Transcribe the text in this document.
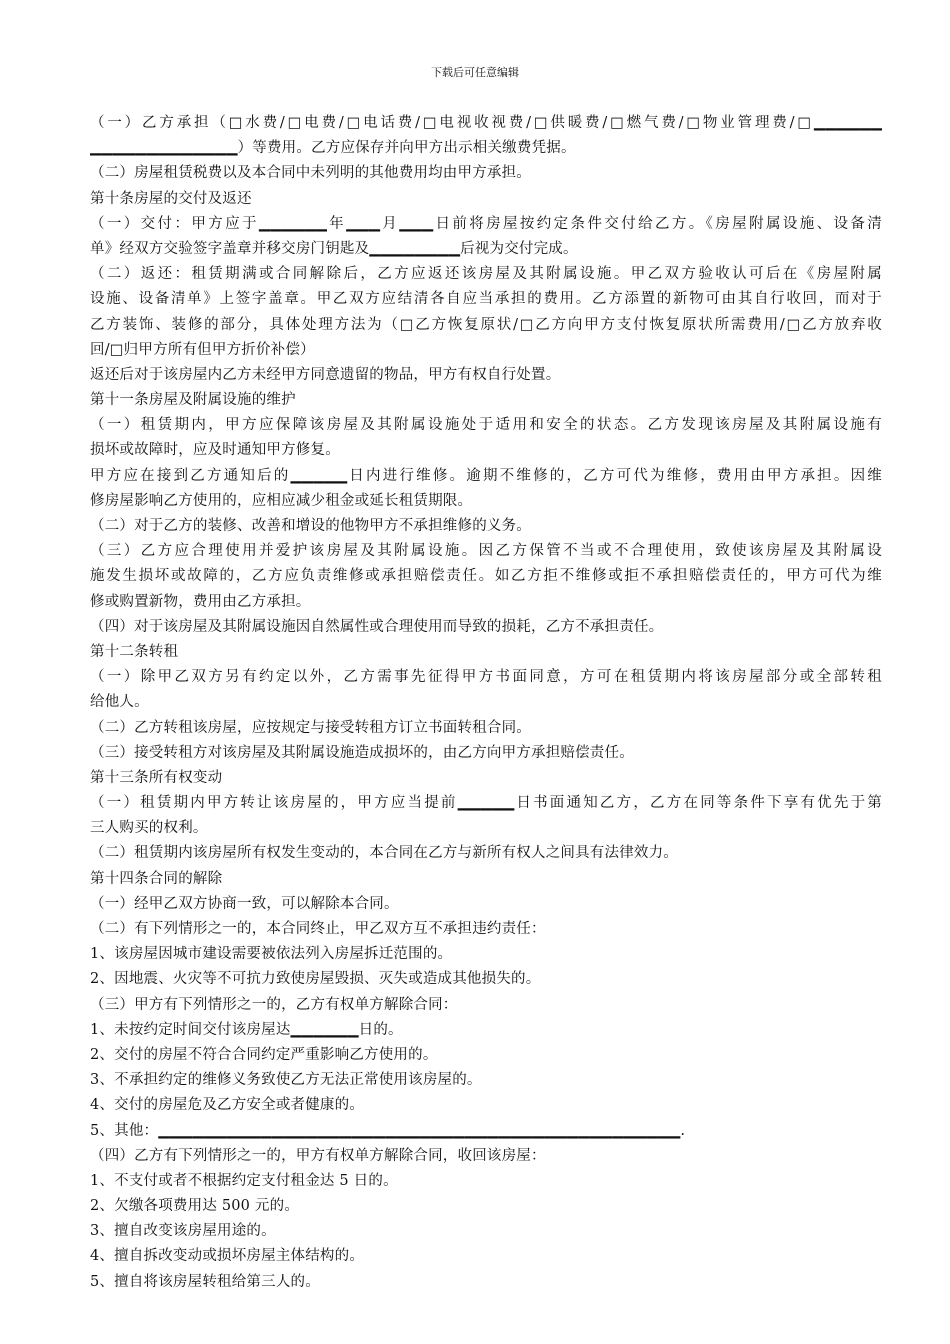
下载后可任意编辑
（一）乙方承担（□水费/□电费/□电话费/□电视收视费/□供暖费/□燃气费/□物业管理费/□▁▁▁▁▁▁
▁▁▁▁▁▁▁▁▁▁▁▁▁）等费用。乙方应保存并向甲方出示相关缴费凭据。
（二）房屋租赁税费以及本合同中未列明的其他费用均由甲方承担。
第十条房屋的交付及返还
（一）交付：甲方应于▁▁▁▁▁▁年▁▁▁月▁▁▁日前将房屋按约定条件交付给乙方。《房屋附属设施、设备清
单》经双方交验签字盖章并移交房门钥匙及▁▁▁▁▁▁▁▁后视为交付完成。
（二）返还：租赁期满或合同解除后，乙方应返还该房屋及其附属设施。甲乙双方验收认可后在《房屋附属
设施、设备清单》上签字盖章。甲乙双方应结清各自应当承担的费用。乙方添置的新物可由其自行收回，而对于
乙方装饰、装修的部分，具体处理方法为（□乙方恢复原状/□乙方向甲方支付恢复原状所需费用/□乙方放弃收
回/□归甲方所有但甲方折价补偿）
返还后对于该房屋内乙方未经甲方同意遗留的物品，甲方有权自行处置。
第十一条房屋及附属设施的维护
（一）租赁期内，甲方应保障该房屋及其附属设施处于适用和安全的状态。乙方发现该房屋及其附属设施有
损坏或故障时，应及时通知甲方修复。
甲方应在接到乙方通知后的▁▁▁▁▁日内进行维修。逾期不维修的，乙方可代为维修，费用由甲方承担。因维
修房屋影响乙方使用的，应相应减少租金或延长租赁期限。
（二）对于乙方的装修、改善和增设的他物甲方不承担维修的义务。
（三）乙方应合理使用并爱护该房屋及其附属设施。因乙方保管不当或不合理使用，致使该房屋及其附属设
施发生损坏或故障的，乙方应负责维修或承担赔偿责任。如乙方拒不维修或拒不承担赔偿责任的，甲方可代为维
修或购置新物，费用由乙方承担。
（四）对于该房屋及其附属设施因自然属性或合理使用而导致的损耗，乙方不承担责任。
第十二条转租
（一）除甲乙双方另有约定以外，乙方需事先征得甲方书面同意，方可在租赁期内将该房屋部分或全部转租
给他人。
（二）乙方转租该房屋，应按规定与接受转租方订立书面转租合同。
（三）接受转租方对该房屋及其附属设施造成损坏的，由乙方向甲方承担赔偿责任。
第十三条所有权变动
（一）租赁期内甲方转让该房屋的，甲方应当提前▁▁▁▁▁日书面通知乙方，乙方在同等条件下享有优先于第
三人购买的权利。
（二）租赁期内该房屋所有权发生变动的，本合同在乙方与新所有权人之间具有法律效力。
第十四条合同的解除
（一）经甲乙双方协商一致，可以解除本合同。
（二）有下列情形之一的，本合同终止，甲乙双方互不承担违约责任：
1、该房屋因城市建设需要被依法列入房屋拆迁范围的。
2、因地震、火灾等不可抗力致使房屋毁损、灭失或造成其他损失的。
（三）甲方有下列情形之一的，乙方有权单方解除合同：
1、未按约定时间交付该房屋达▁▁▁▁▁▁日的。
2、交付的房屋不符合合同约定严重影响乙方使用的。
3、不承担约定的维修义务致使乙方无法正常使用该房屋的。
4、交付的房屋危及乙方安全或者健康的。
5、其他：▁▁▁▁▁▁▁▁▁▁▁▁▁▁▁▁▁▁▁▁▁▁▁▁▁▁▁▁▁▁▁▁▁▁▁▁▁▁▁▁▁▁▁▁▁▁.
（四）乙方有下列情形之一的，甲方有权单方解除合同，收回该房屋：
1、不支付或者不根据约定支付租金达 5 日的。
2、欠缴各项费用达 500 元的。
3、擅自改变该房屋用途的。
4、擅自拆改变动或损坏房屋主体结构的。
5、擅自将该房屋转租给第三人的。
